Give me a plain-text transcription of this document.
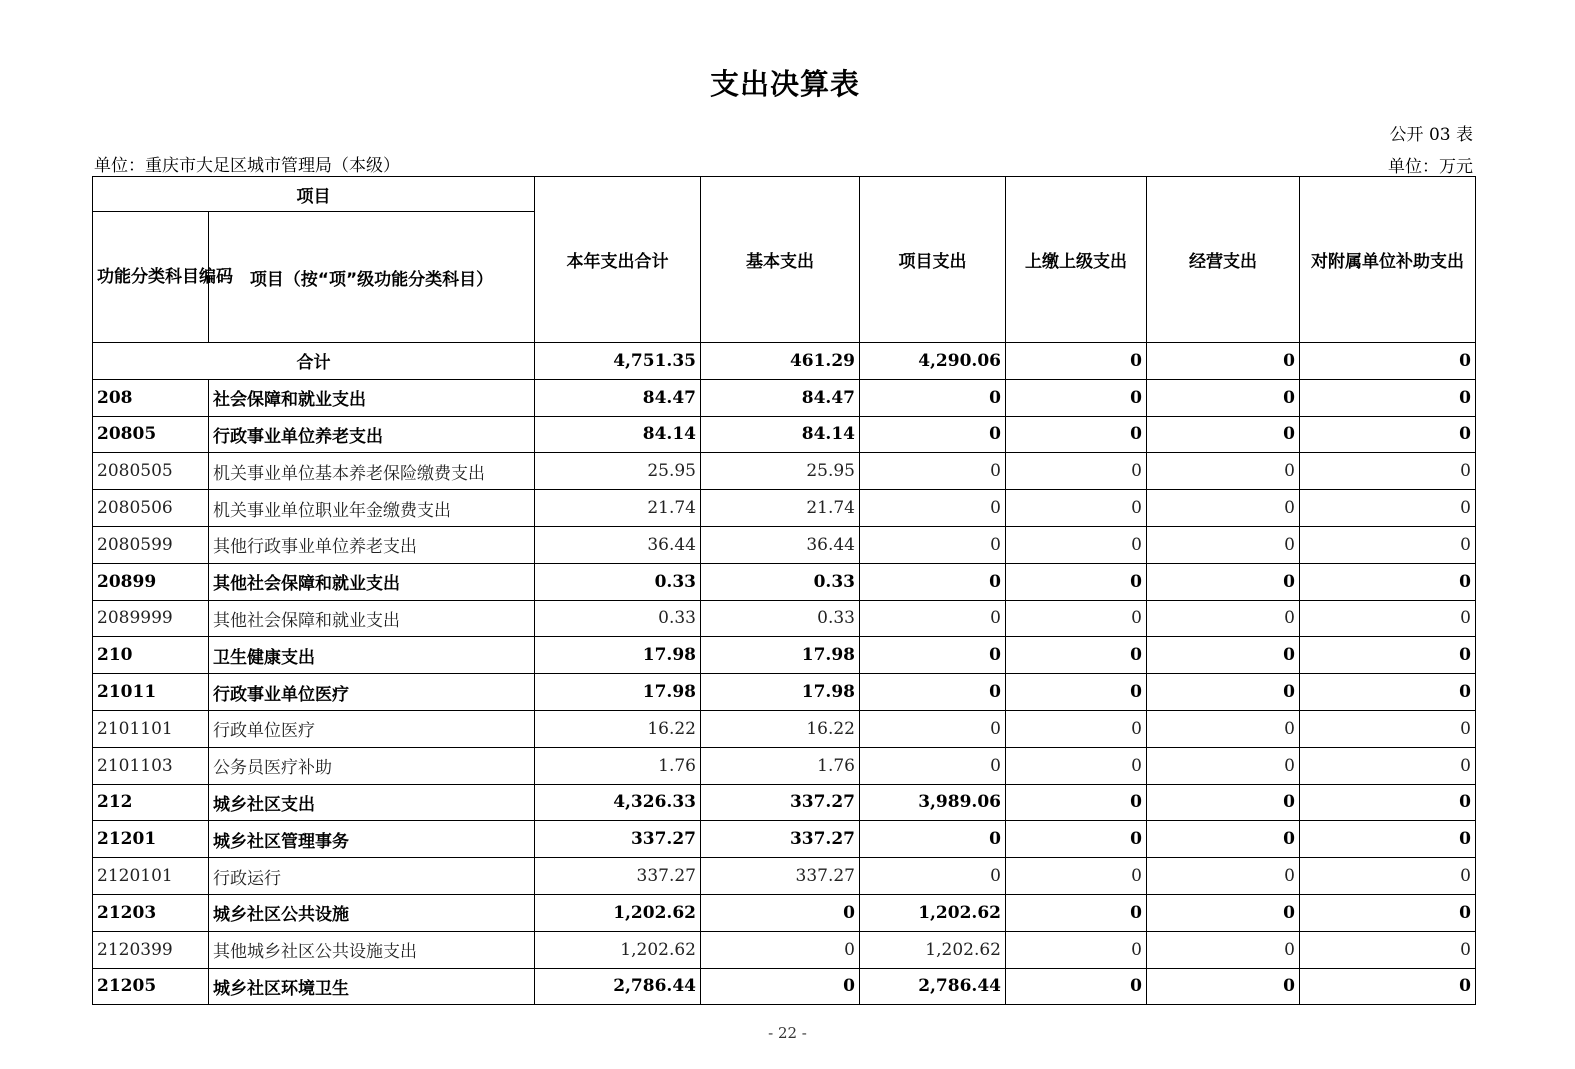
支出决算表
公开 03 表
单位：重庆市大足区城市管理局（本级）	单位：万元
项目		本年支出合计	基本支出	项目支出	上缴上级支出	经营支出	对附属单位补助支出
功能分类科目编码	项目（按“项”级功能分类科目）						
合计		4,751.35	461.29	4,290.06	0	0	0
208	社会保障和就业支出	84.47	84.47	0	0	0	0
20805	行政事业单位养老支出	84.14	84.14	0	0	0	0
2080505	机关事业单位基本养老保险缴费支出	25.95	25.95	0	0	0	0
2080506	机关事业单位职业年金缴费支出	21.74	21.74	0	0	0	0
2080599	其他行政事业单位养老支出	36.44	36.44	0	0	0	0
20899	其他社会保障和就业支出	0.33	0.33	0	0	0	0
2089999	其他社会保障和就业支出	0.33	0.33	0	0	0	0
210	卫生健康支出	17.98	17.98	0	0	0	0
21011	行政事业单位医疗	17.98	17.98	0	0	0	0
2101101	行政单位医疗	16.22	16.22	0	0	0	0
2101103	公务员医疗补助	1.76	1.76	0	0	0	0
212	城乡社区支出	4,326.33	337.27	3,989.06	0	0	0
21201	城乡社区管理事务	337.27	337.27	0	0	0	0
2120101	行政运行	337.27	337.27	0	0	0	0
21203	城乡社区公共设施	1,202.62	0	1,202.62	0	0	0
2120399	其他城乡社区公共设施支出	1,202.62	0	1,202.62	0	0	0
21205	城乡社区环境卫生	2,786.44	0	2,786.44	0	0	0
- 22 -
